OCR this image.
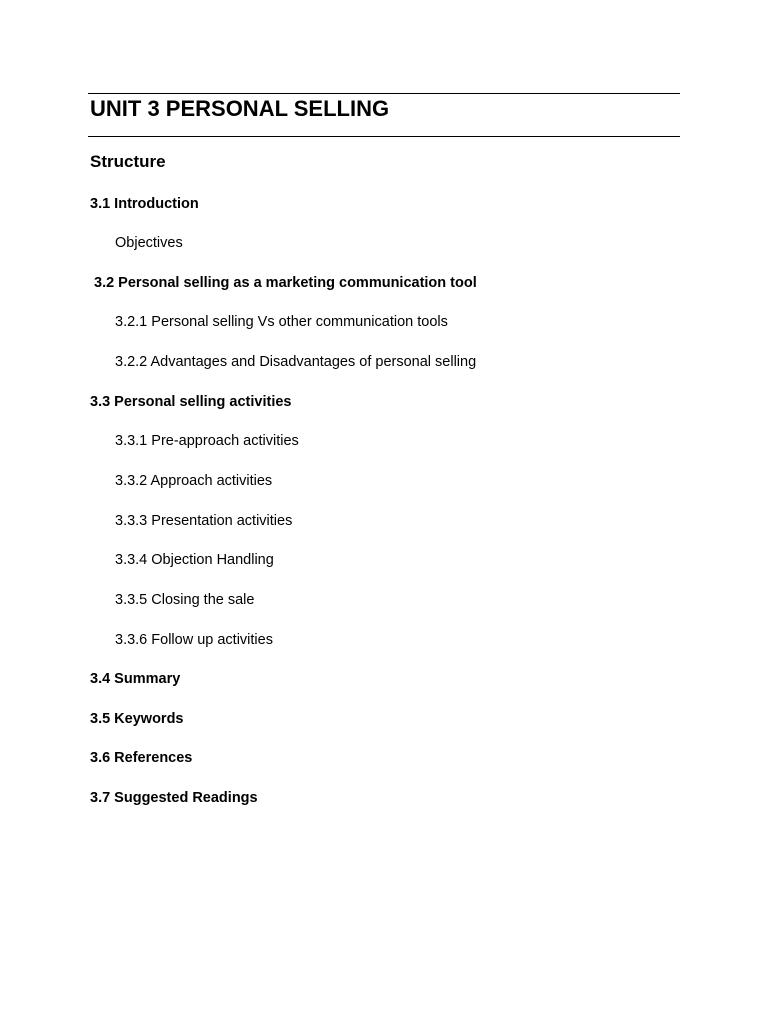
UNIT 3 PERSONAL SELLING
Structure
3.1 Introduction
Objectives
3.2 Personal selling as a marketing communication tool
3.2.1 Personal selling Vs other communication tools
3.2.2 Advantages and Disadvantages of personal selling
3.3 Personal selling activities
3.3.1 Pre-approach activities
3.3.2 Approach activities
3.3.3 Presentation activities
3.3.4 Objection Handling
3.3.5 Closing the sale
3.3.6 Follow up activities
3.4 Summary
3.5 Keywords
3.6 References
3.7 Suggested Readings
